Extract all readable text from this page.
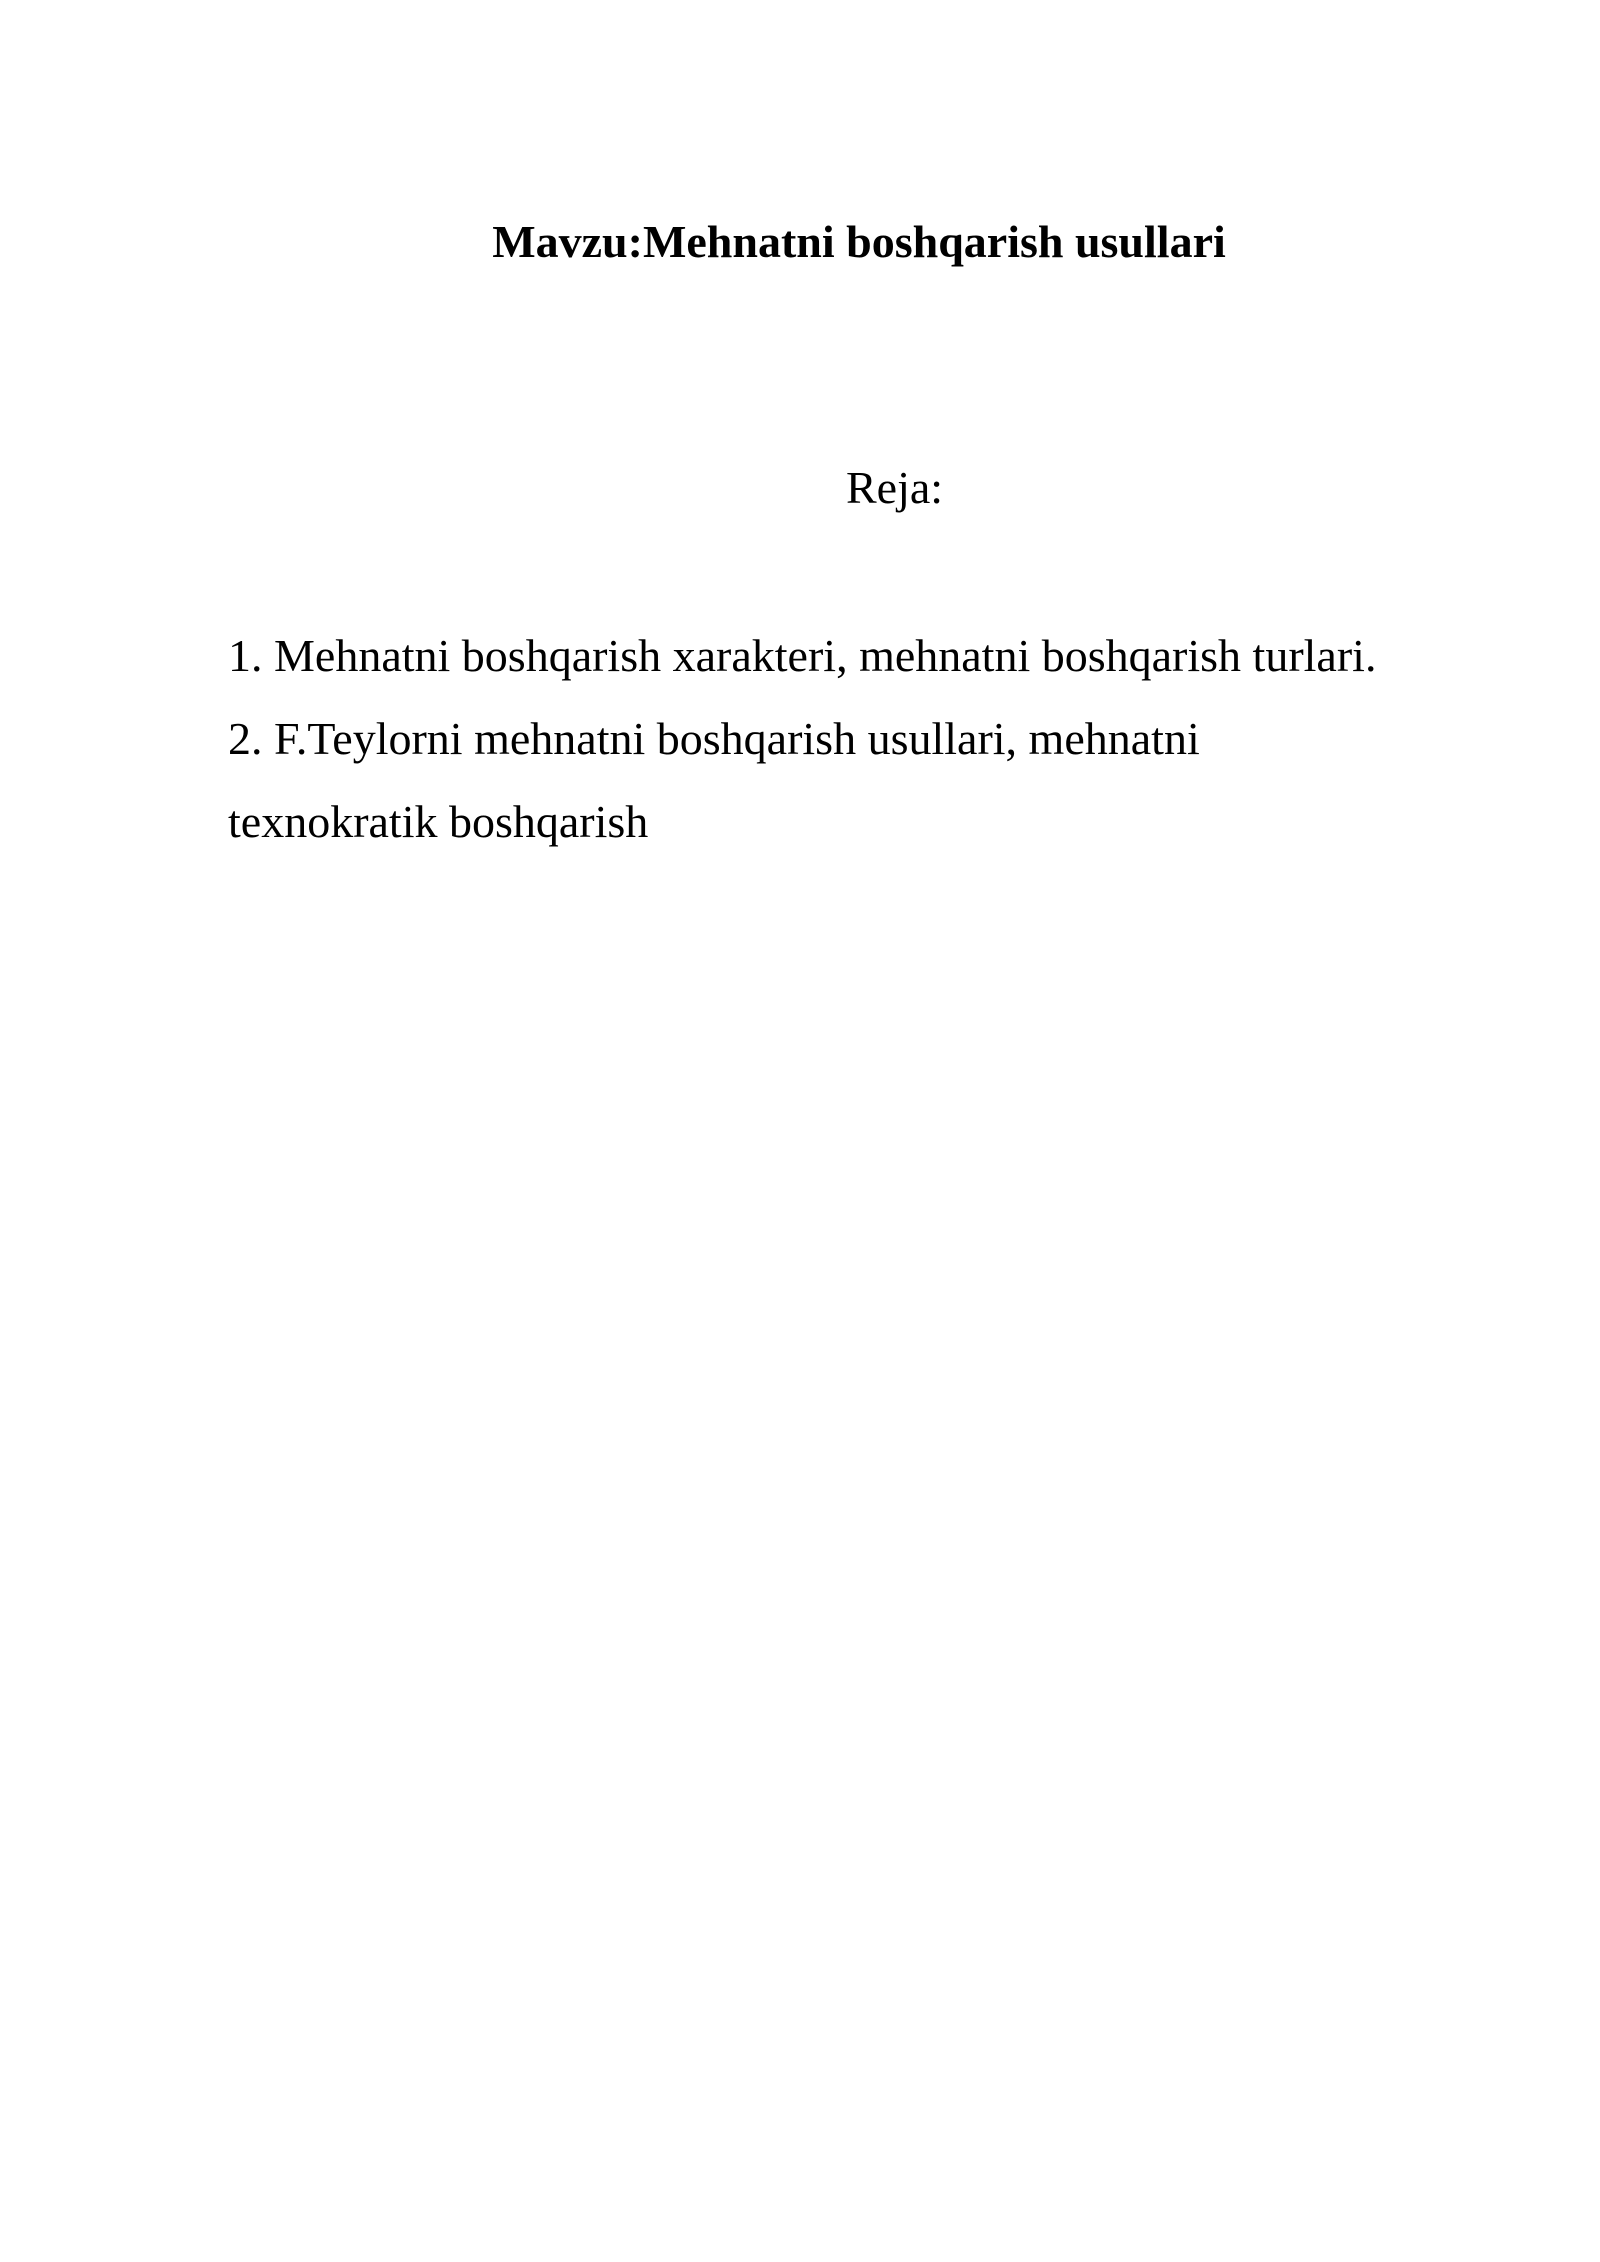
Mavzu:Mehnatni boshqarish usullari
Reja:
1. Mehnatni boshqarish xarakteri, mehnatni boshqarish turlari.
2. F.Teylorni mehnatni boshqarish usullari, mehnatni
texnokratik boshqarish
